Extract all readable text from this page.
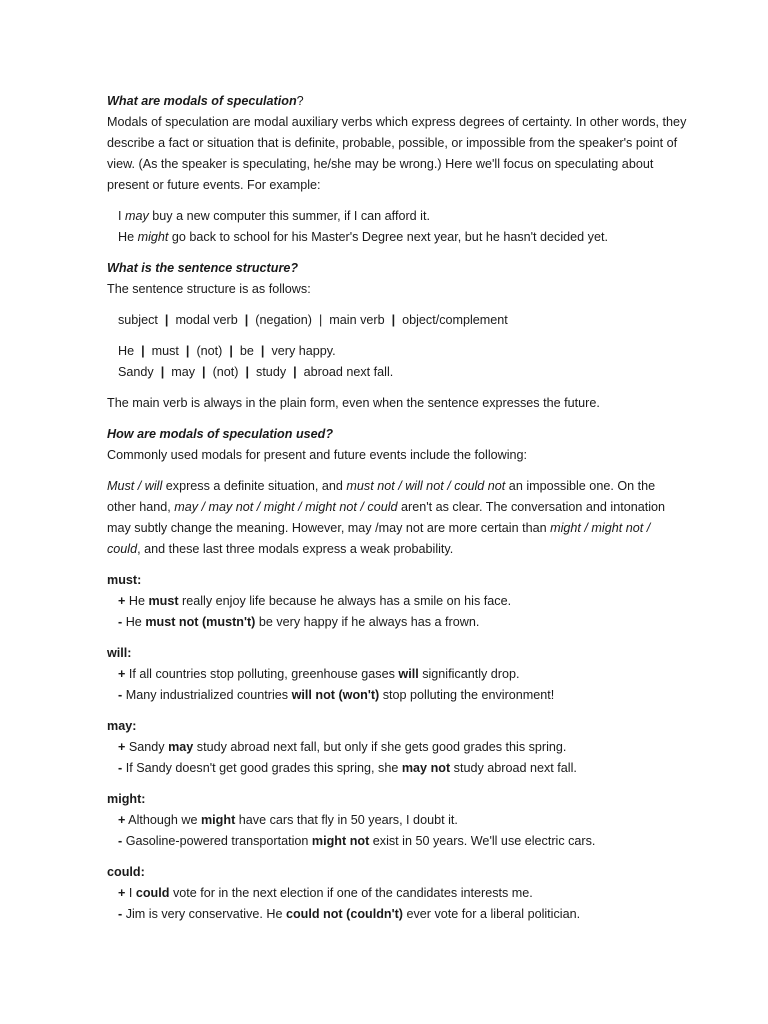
What are modals of speculation?

Modals of speculation are modal auxiliary verbs which express degrees of certainty. In other words, they describe a fact or situation that is definite, probable, possible, or impossible from the speaker's point of view. (As the speaker is speculating, he/she may be wrong.) Here we'll focus on speculating about present or future events. For example:

I may buy a new computer this summer, if I can afford it.

He might go back to school for his Master's Degree next year, but he hasn't decided yet.

What is the sentence structure?

The sentence structure is as follows:

subject  |  modal verb  |  (negation)  |  main verb  |  object/complement

He  |  must  |  (not)  |  be  |  very happy.

Sandy  |  may  |  (not)  |  study  |  abroad next fall.

The main verb is always in the plain form, even when the sentence expresses the future.

How are modals of speculation used?

Commonly used modals for present and future events include the following:

Must / will express a definite situation, and must not / will not / could not an impossible one. On the other hand, may / may not / might / might not / could aren't as clear. The conversation and intonation may subtly change the meaning. However, may /may not are more certain than might / might not / could, and these last three modals express a weak probability.

must:

+ He must really enjoy life because he always has a smile on his face.

- He must not (mustn't) be very happy if he always has a frown.

will:

+ If all countries stop polluting, greenhouse gases will significantly drop.

- Many industrialized countries will not (won't) stop polluting the environment!

may:

+ Sandy may study abroad next fall, but only if she gets good grades this spring.

- If Sandy doesn't get good grades this spring, she may not study abroad next fall.

might:

+ Although we might have cars that fly in 50 years, I doubt it.

- Gasoline-powered transportation might not exist in 50 years. We'll use electric cars.

could:

+ I could vote for in the next election if one of the candidates interests me.

- Jim is very conservative. He could not (couldn't) ever vote for a liberal politician.
